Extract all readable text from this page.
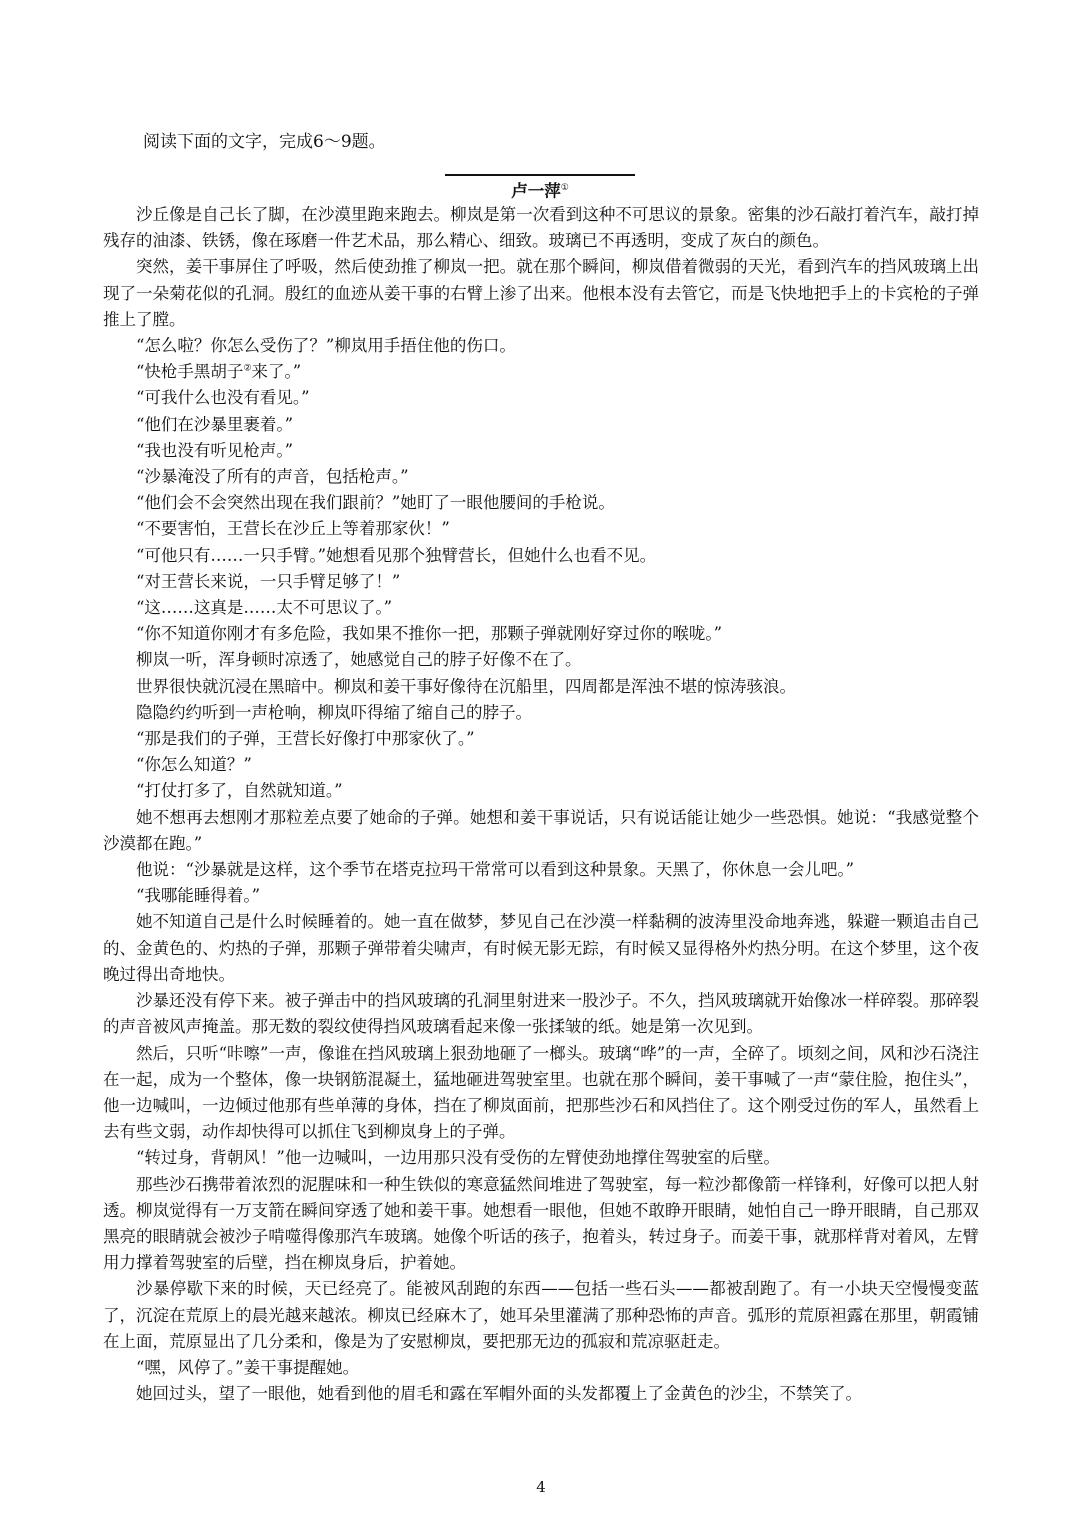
阅读下面的文字，完成6～9题。
卢一萍①

沙丘像是自己长了脚，在沙漠里跑来跑去。柳岚是第一次看到这种不可思议的景象。密集的沙石敲打着汽车，敲打掉残存的油漆、铁锈，像在琢磨一件艺术品，那么精心、细致。玻璃已不再透明，变成了灰白的颜色。

突然，姜干事屏住了呼吸，然后使劲推了柳岚一把。就在那个瞬间，柳岚借着微弱的天光，看到汽车的挡风玻璃上出现了一朵菊花似的孔洞。殷红的血迹从姜干事的右臂上渗了出来。他根本没有去管它，而是飞快地把手上的卡宾枪的子弹推上了膛。

“怎么啦？你怎么受伤了？”柳岚用手捂住他的伤口。

“快枪手黑胡子②来了。”

“可我什么也没有看见。”

“他们在沙暴里裹着。”

“我也没有听见枪声。”

“沙暴淹没了所有的声音，包括枪声。”

“他们会不会突然出现在我们跟前？”她盯了一眼他腰间的手枪说。

“不要害怕，王营长在沙丘上等着那家伙！”

“可他只有……一只手臂。”她想看见那个独臂营长，但她什么也看不见。

“对王营长来说，一只手臂足够了！”

“这……这真是……太不可思议了。”

“你不知道你刚才有多危险，我如果不推你一把，那颗子弹就刚好穿过你的喉咙。”

柳岚一听，浑身顿时凉透了，她感觉自己的脖子好像不在了。

世界很快就沉浸在黑暗中。柳岚和姜干事好像待在沉船里，四周都是浑浊不堪的惊涛骇浪。

隐隐约约听到一声枪响，柳岚吓得缩了缩自己的脖子。

“那是我们的子弹，王营长好像打中那家伙了。”

“你怎么知道？”

“打仗打多了，自然就知道。”

她不想再去想刚才那粒差点要了她命的子弹。她想和姜干事说话，只有说话能让她少一些恐惧。她说：“我感觉整个沙漠都在跑。”

他说：“沙暴就是这样，这个季节在塔克拉玛干常常可以看到这种景象。天黑了，你休息一会儿吧。”

“我哪能睡得着。”

她不知道自己是什么时候睡着的。她一直在做梦，梦见自己在沙漠一样黏稠的波涛里没命地奔逃，躲避一颗追击自己的、金黄色的、灼热的子弹，那颗子弹带着尖啸声，有时候无影无踪，有时候又显得格外灼热分明。在这个梦里，这个夜晚过得出奇地快。

沙暴还没有停下来。被子弹击中的挡风玻璃的孔洞里射进来一股沙子。不久，挡风玻璃就开始像冰一样碎裂。那碎裂的声音被风声掩盖。那无数的裂纹使得挡风玻璃看起来像一张揉皱的纸。她是第一次见到。

然后，只听“咔嚓”一声，像谁在挡风玻璃上狠劲地砸了一榔头。玻璃“哗”的一声，全碎了。顷刻之间，风和沙石浇注在一起，成为一个整体，像一块钢筋混凝土，猛地砸进驾驶室里。也就在那个瞬间，姜干事喊了一声“蒙住脸，抱住头”，他一边喊叫，一边倾过他那有些单薄的身体，挡在了柳岚面前，把那些沙石和风挡住了。这个刚受过伤的军人，虽然看上去有些文弱，动作却快得可以抓住飞到柳岚身上的子弹。

“转过身，背朝风！”他一边喊叫，一边用那只没有受伤的左臂使劲地撑住驾驶室的后壁。

那些沙石携带着浓烈的泥腥味和一种生铁似的寒意猛然间堆进了驾驶室，每一粒沙都像箭一样锋利，好像可以把人射透。柳岚觉得有一万支箭在瞬间穿透了她和姜干事。她想看一眼他，但她不敢睁开眼睛，她怕自己一睁开眼睛，自己那双黑亮的眼睛就会被沙子啃噬得像那汽车玻璃。她像个听话的孩子，抱着头，转过身子。而姜干事，就那样背对着风，左臂用力撑着驾驶室的后壁，挡在柳岚身后，护着她。

沙暴停歇下来的时候，天已经亮了。能被风刮跑的东西——包括一些石头——都被刮跑了。有一小块天空慢慢变蓝了，沉淀在荒原上的晨光越来越浓。柳岚已经麻木了，她耳朵里灌满了那种恐怖的声音。弧形的荒原袒露在那里，朝霞铺在上面，荒原显出了几分柔和，像是为了安慰柳岚，要把那无边的孤寂和荒凉驱赶走。

“嘿，风停了。”姜干事提醒她。

她回过头，望了一眼他，她看到他的眉毛和露在军帽外面的头发都覆上了金黄色的沙尘，不禁笑了。

4
